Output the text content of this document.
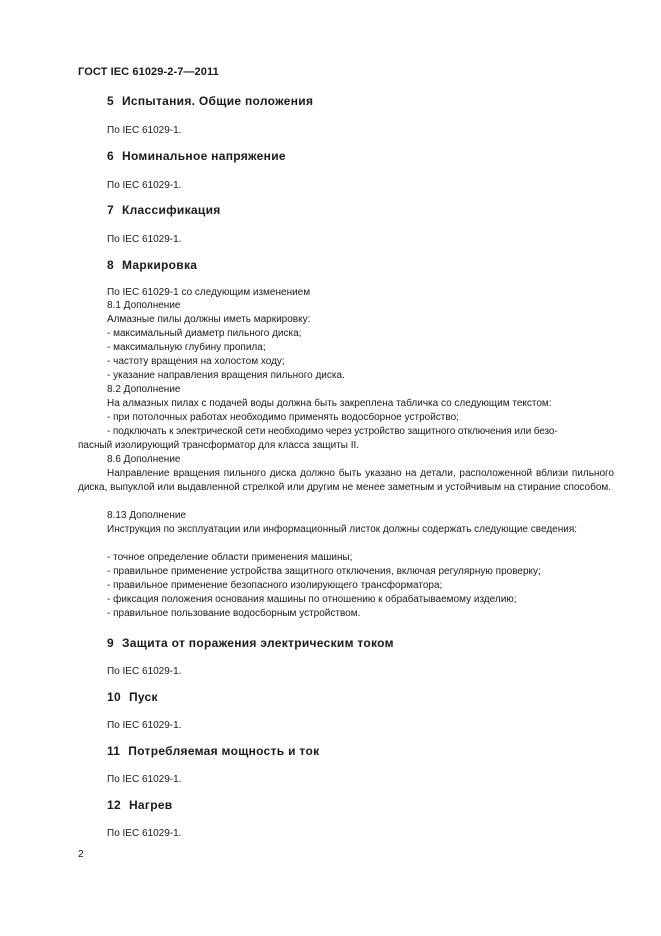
ГОСТ IEC 61029-2-7—2011
5 Испытания. Общие положения
По IEC 61029-1.
6 Номинальное напряжение
По IEC 61029-1.
7 Классификация
По IEC 61029-1.
8 Маркировка
По IEC 61029-1 со следующим изменением
8.1 Дополнение
Алмазные пилы должны иметь маркировку:
- максимальный диаметр пильного диска;
- максимальную глубину пропила;
- частоту вращения на холостом ходу;
- указание направления вращения пильного диска.
8.2 Дополнение
На алмазных пилах с подачей воды должна быть закреплена табличка со следующим текстом:
- при потолочных работах необходимо применять водосборное устройство;
- подключать к электрической сети необходимо через устройство защитного отключения или безо-
пасный изолирующий трансформатор для класса защиты II.
8.6 Дополнение
Направление вращения пильного диска должно быть указано на детали, расположенной вблизи пильного диска, выпуклой или выдавленной стрелкой или другим не менее заметным и устойчивым на стирание способом.
8.13 Дополнение
Инструкция по эксплуатации или информационный листок должны содержать следующие сведения:
- точное определение области применения машины;
- правильное применение устройства защитного отключения, включая регулярную проверку;
- правильное применение безопасного изолирующего трансформатора;
- фиксация положения основания машины по отношению к обрабатываемому изделию;
- правильное пользование водосборным устройством.
9 Защита от поражения электрическим током
По IEC 61029-1.
10 Пуск
По IEC 61029-1.
11 Потребляемая мощность и ток
По IEC 61029-1.
12 Нагрев
По IEC 61029-1.
2
